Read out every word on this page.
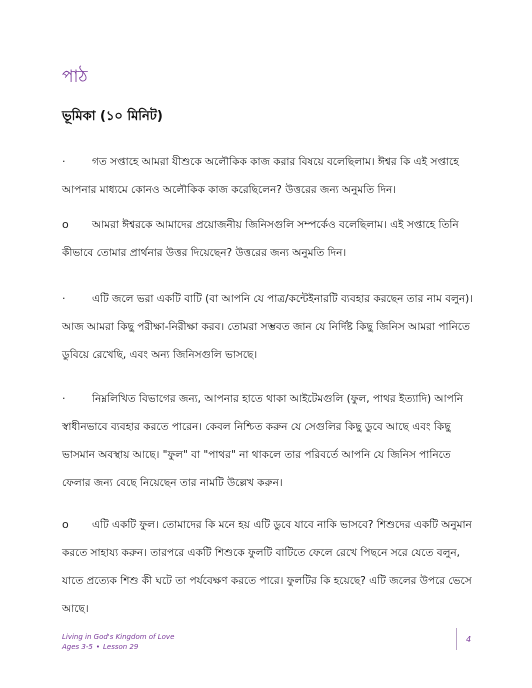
পাঠ
ভূমিকা (১০ মিনিট)

·	গত সপ্তাহে আমরা যীশুকে অলৌকিক কাজ করার বিষয়ে বলেছিলাম। ঈশ্বর কি এই সপ্তাহে আপনার মাধ্যমে কোনও অলৌকিক কাজ করেছিলেন? উত্তরের জন্য অনুমতি দিন।

o আমরা ঈশ্বরকে আমাদের প্রয়োজনীয় জিনিসগুলি সম্পর্কেও বলেছিলাম। এই সপ্তাহে তিনি কীভাবে তোমার প্রার্থনার উত্তর দিয়েছেন? উত্তরের জন্য অনুমতি দিন।

·	এটি জলে ভরা একটি বাটি (বা আপনি যে পাত্র/কন্টেইনারটি ব্যবহার করছেন তার নাম বলুন)। আজ আমরা কিছু পরীক্ষা-নিরীক্ষা করব। তোমরা সম্ভবত জান যে নির্দিষ্ট কিছু জিনিস আমরা পানিতে ডুবিয়ে রেখেছি, এবং অন্য জিনিসগুলি ভাসছে।

·	নিম্নলিখিত বিভাগের জন্য, আপনার হাতে থাকা আইটেমগুলি (ফুল, পাথর ইত্যাদি) আপনি স্বাধীনভাবে ব্যবহার করতে পারেন। কেবল নিশ্চিত করুন যে সেগুলির কিছু ডুবে আছে এবং কিছু ভাসমান অবস্থায় আছে। "ফুল" বা "পাথর" না থাকলে তার পরিবর্তে আপনি যে জিনিস পানিতে ফেলার জন্য বেছে নিয়েছেন তার নামটি উল্লেখ করুন।

o এটি একটি ফুল। তোমাদের কি মনে হয় এটি ডুবে যাবে নাকি ভাসবে? শিশুদের একটি অনুমান করতে সাহায্য করুন। তারপরে একটি শিশুকে ফুলটি বাটিতে ফেলে রেখে পিছনে সরে যেতে বলুন, যাতে প্রত্যেক শিশু কী ঘটে তা পর্যবেক্ষণ করতে পারে। ফুলটির কি হয়েছে? এটি জলের উপরে ভেসে আছে।

Living in God's Kingdom of Love
Ages 3-5 • Lesson 29
4
